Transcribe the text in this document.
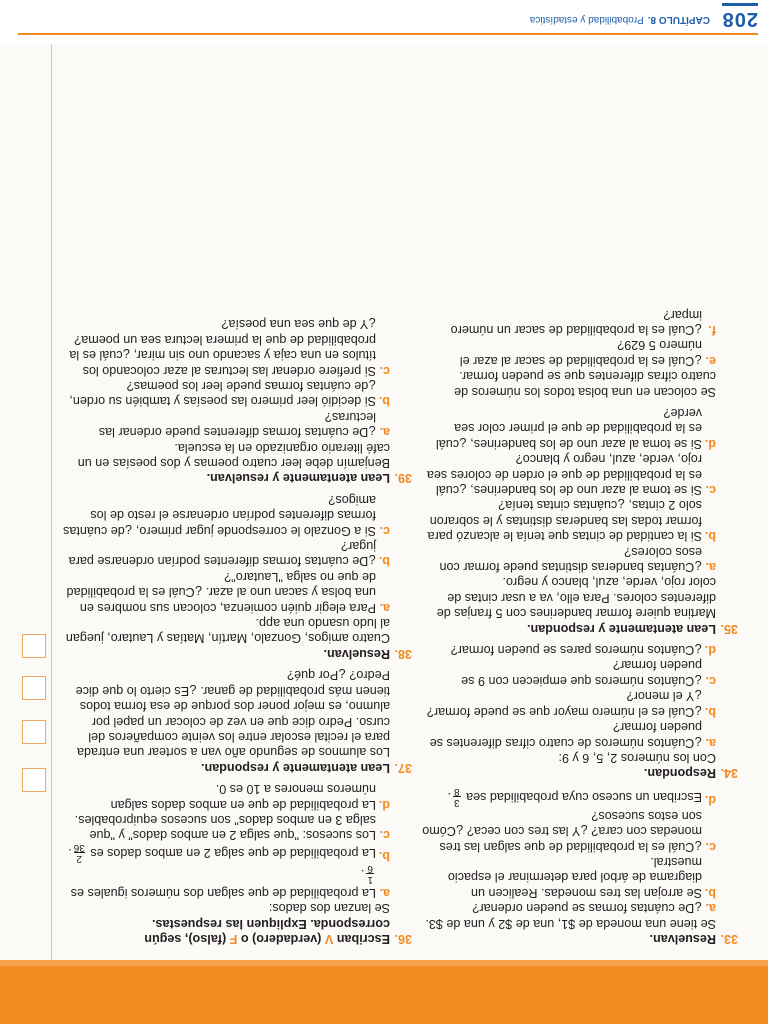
33.
Resuelvan.

Se tiene una moneda de $1, una de $2 y una de $3.

a.
¿De cuántas formas se pueden ordenar?

b.
Se arrojan las tres monedas. Realicen un diagrama de árbol para determinar el espacio muestral.

c.
¿Cuál es la probabilidad de que salgan las tres monedas con cara? ¿Y las tres con ceca? ¿Cómo son estos sucesos?

d.
Escriban un suceso cuya probabilidad sea
3
8
.

34.
Respondan.

Con los números 2, 5, 6 y 9:

a.
¿Cuántos números de cuatro cifras diferentes se pueden formar?

b.
¿Cuál es el número mayor que se puede formar? ¿Y el menor?

c.
¿Cuántos números que empiecen con 9 se pueden formar?

d.
¿Cuántos números pares se pueden formar?

35.
Lean atentamente y respondan.

Martina quiere formar banderines con 5 franjas de diferentes colores. Para ello, va a usar cintas de color rojo, verde, azul, blanco y negro.

a.
¿Cuántas banderas distintas puede formar con esos colores?

b.
Si la cantidad de cintas que tenía le alcanzó para formar todas las banderas distintas y le sobraron solo 2 cintas, ¿cuántas cintas tenía?

c.
Si se toma al azar uno de los banderines, ¿cuál es la probabilidad de que el orden de colores sea rojo, verde, azul, negro y blanco?

d.
Si se toma al azar uno de los banderines, ¿cuál es la probabilidad de que el primer color sea verde?

Se colocan en una bolsa todos los números de cuatro cifras diferentes que se pueden formar.

e.
¿Cuál es la probabilidad de sacar al azar el número 5 629?

f.
¿Cuál es la probabilidad de sacar un número impar?

36.
Escriban V (verdadero) o F (falso), según corresponda. Expliquen las respuestas.

Se lanzan dos dados:

a.
La probabilidad de que salgan dos números iguales es
1
6
.

b.
La probabilidad de que salga 2 en ambos dados es
2
36
.

c.
Los sucesos: "que salga 2 en ambos dados" y "que salga 3 en ambos dados" son sucesos equiprobables.

d.
La probabilidad de que en ambos dados salgan números menores a 10 es 0.

37.
Lean atentamente y respondan.

Los alumnos de segundo año van a sortear una entrada para el recital escolar entre los veinte compañeros del curso. Pedro dice que en vez de colocar un papel por alumno, es mejor poner dos porque de esa forma todos tienen más probabilidad de ganar. ¿Es cierto lo que dice Pedro? ¿Por qué?

38.
Resuelvan.

Cuatro amigos, Gonzalo, Martín, Matías y Lautaro, juegan al ludo usando una app.

a.
Para elegir quién comienza, colocan sus nombres en una bolsa y sacan uno al azar. ¿Cuál es la probabilidad de que no salga "Lautaro"?

b.
¿De cuántas formas diferentes podrían ordenarse para jugar?

c.
Si a Gonzalo le corresponde jugar primero, ¿de cuántas formas diferentes podrían ordenarse el resto de los amigos?

39.
Lean atentamente y resuelvan.

Benjamín debe leer cuatro poemas y dos poesías en un café literario organizado en la escuela.

a.
¿De cuántas formas diferentes puede ordenar las lecturas?

b.
Si decidió leer primero las poesías y también su orden, ¿de cuántas formas puede leer los poemas?

c.
Si prefiere ordenar las lecturas al azar colocando los títulos en una caja y sacando uno sin mirar, ¿cuál es la probabilidad de que la primera lectura sea un poema? ¿Y de que sea una poesía?

208
CAPÍTULO 8.Probabilidad y estadística
